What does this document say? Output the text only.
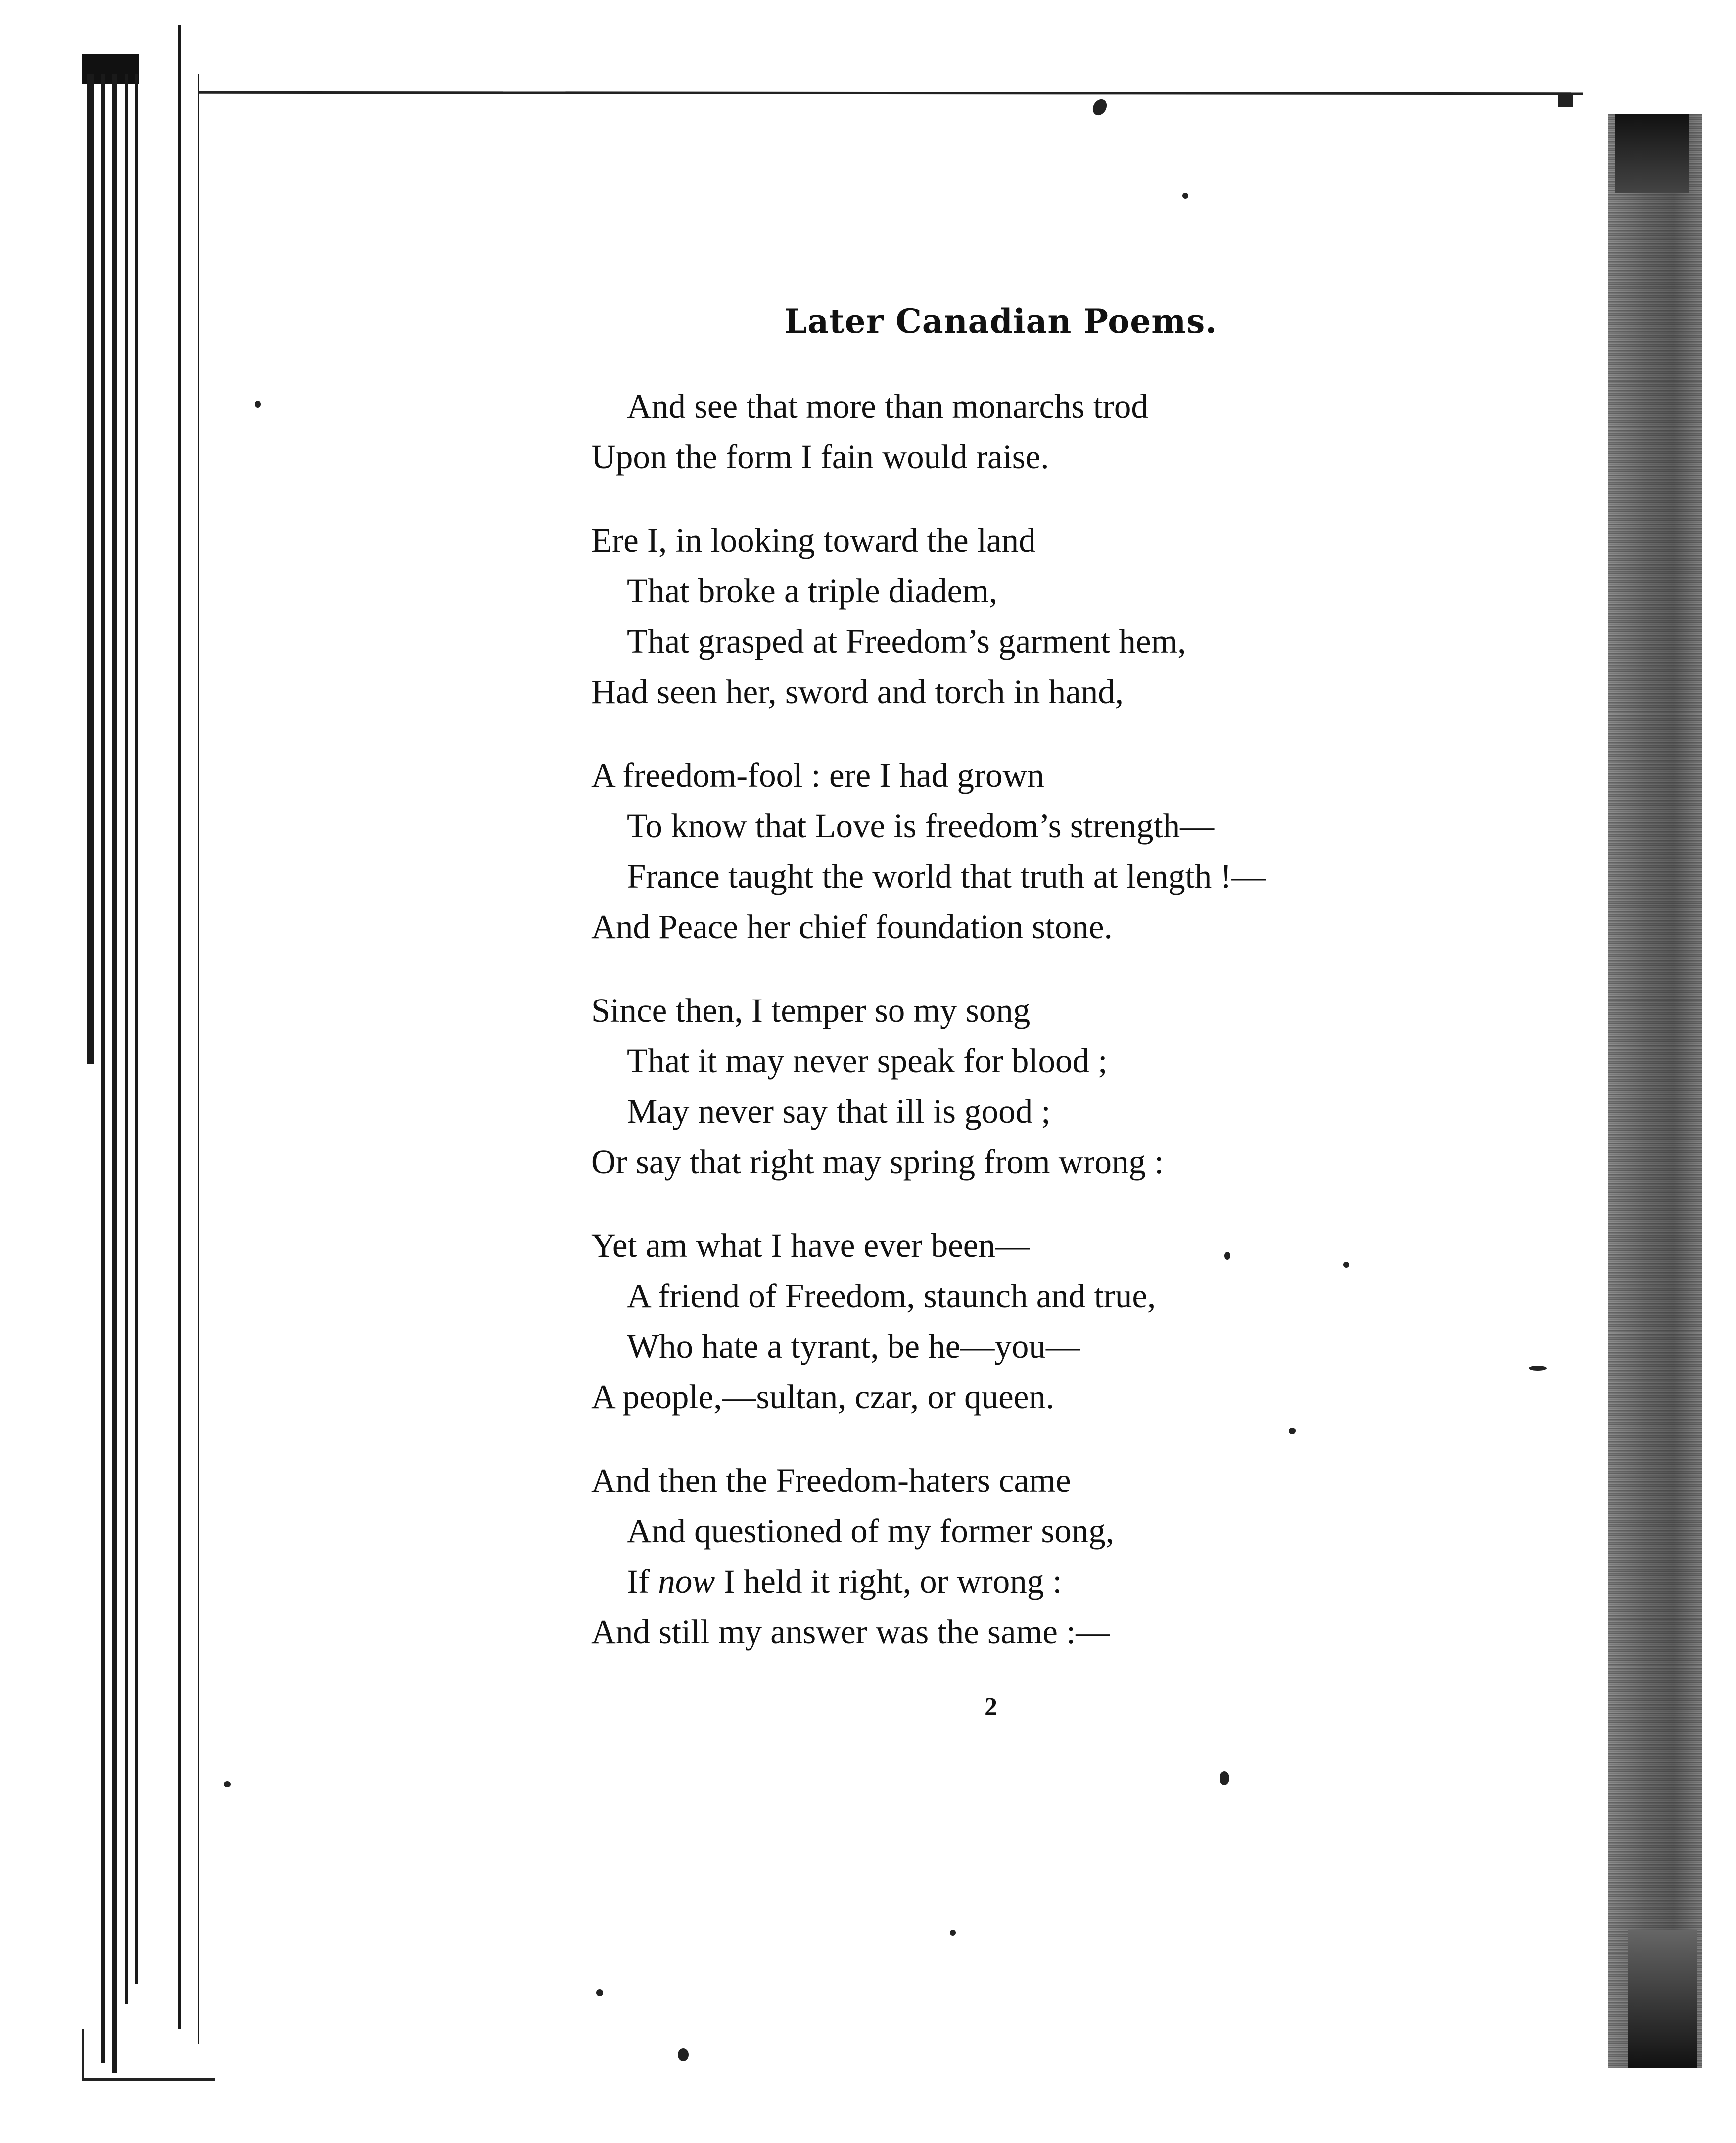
Later Canadian Poems.
And see that more than monarchs trod
Upon the form I fain would raise.
Ere I, in looking toward the land
That broke a triple diadem,
That grasped at Freedom’s garment hem,
Had seen her, sword and torch in hand,
A freedom-fool : ere I had grown
To know that Love is freedom’s strength—
France taught the world that truth at length !—
And Peace her chief foundation stone.
Since then, I temper so my song
That it may never speak for blood ;
May never say that ill is good ;
Or say that right may spring from wrong :
Yet am what I have ever been—
A friend of Freedom, staunch and true,
Who hate a tyrant, be he—you—
A people,—sultan, czar, or queen.
And then the Freedom-haters came
And questioned of my former song,
If now I held it right, or wrong :
And still my answer was the same :—
2
